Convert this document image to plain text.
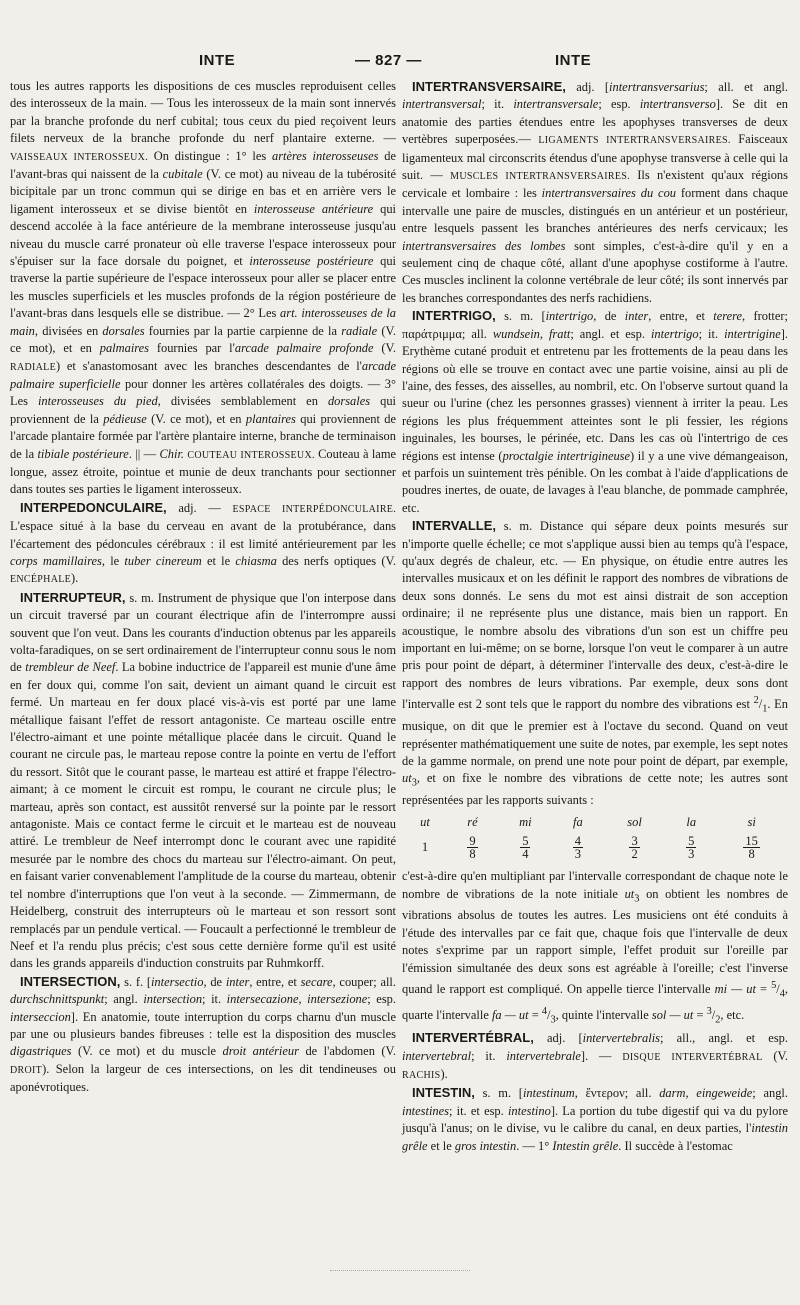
INTE	— 827 —	INTE

tous les autres rapports les dispositions de ces muscles reproduisent celles des interosseux de la main. — Tous les interosseux de la main sont innervés par la branche profonde du nerf cubital; tous ceux du pied reçoivent leurs filets nerveux de la branche profonde du nerf plantaire externe. — VAISSEAUX INTEROSSEUX. On distingue : 1° les artères interosseuses de l'avant-bras qui naissent de la cubitale (V. ce mot) au niveau de la tubérosité bicipitale par un tronc commun qui se dirige en bas et en arrière vers le ligament interosseux et se divise bientôt en interosseuse antérieure qui descend accolée à la face antérieure de la membrane interosseuse jusqu'au niveau du muscle carré pronateur où elle traverse l'espace interosseux pour s'épuiser sur la face dorsale du poignet, et interosseuse postérieure qui traverse la partie supérieure de l'espace interosseux pour aller se placer entre les muscles superficiels et les muscles profonds de la région postérieure de l'avant-bras dans lesquels elle se distribue. — 2° Les art. interosseuses de la main, divisées en dorsales fournies par la partie carpienne de la radiale (V. ce mot), et en palmaires fournies par l'arcade palmaire profonde (V. RADIALE) et s'anastomosant avec les branches descendantes de l'arcade palmaire superficielle pour donner les artères collatérales des doigts. — 3° Les interosseuses du pied, divisées semblablement en dorsales qui proviennent de la pédieuse (V. ce mot), et en plantaires qui proviennent de l'arcade plantaire formée par l'artère plantaire interne, branche de terminaison de la tibiale postérieure. || — Chir. COUTEAU INTEROSSEUX. Couteau à lame longue, assez étroite, pointue et munie de deux tranchants pour sectionner dans toutes ses parties le ligament interosseux.

INTERPEDONCULAIRE, adj. — ESPACE INTERPÉDONCULAIRE. L'espace situé à la base du cerveau en avant de la protubérance, dans l'écartement des pédoncules cérébraux : il est limité antérieurement par les corps mamillaires, le tuber cinereum et le chiasma des nerfs optiques (V. ENCÉPHALE).

INTERRUPTEUR, s. m. Instrument de physique que l'on interpose dans un circuit traversé par un courant électrique afin de l'interrompre aussi souvent que l'on veut. Dans les courants d'induction obtenus par les appareils volta-faradiques, on se sert ordinairement de l'interrupteur connu sous le nom de trembleur de Neef. La bobine inductrice de l'appareil est munie d'une âme en fer doux qui, comme l'on sait, devient un aimant quand le circuit est fermé. Un marteau en fer doux placé vis-à-vis est porté par une lame métallique faisant l'effet de ressort antagoniste. Ce marteau oscille entre l'électro-aimant et une pointe métallique placée dans le circuit. Quand le courant ne circule pas, le marteau repose contre la pointe en vertu de l'effort du ressort. Sitôt que le courant passe, le marteau est attiré et frappe l'électro-aimant; à ce moment le circuit est rompu, le courant ne circule plus; le marteau, après son contact, est aussitôt renversé sur la pointe par le ressort antagoniste. Mais ce contact ferme le circuit et le marteau est de nouveau attiré. Le trembleur de Neef interrompt donc le courant avec une rapidité mesurée par le nombre des chocs du marteau sur l'électro-aimant. On peut, en faisant varier convenablement l'amplitude de la course du marteau, obtenir tel nombre d'interruptions que l'on veut à la seconde. — Zimmermann, de Heidelberg, construit des interrupteurs où le marteau et son ressort sont remplacés par un pendule vertical. — Foucault a perfectionné le trembleur de Neef et l'a rendu plus précis; c'est sous cette dernière forme qu'il est usité dans les grands appareils d'induction construits par Ruhmkorff.

INTERSECTION, s. f. [intersectio, de inter, entre, et secare, couper; all. durchschnittspunkt; angl. intersection; it. intersecazione, intersezione; esp. interseccion]. En anatomie, toute interruption du corps charnu d'un muscle par une ou plusieurs bandes fibreuses : telle est la disposition des muscles digastriques (V. ce mot) et du muscle droit antérieur de l'abdomen (V. DROIT). Selon la largeur de ces intersections, on les dit tendineuses ou aponévrotiques.

INTERTRANSVERSAIRE, adj. [intertransversarius; all. et angl. intertransversal; it. intertransversale; esp. intertransverso]. Se dit en anatomie des parties étendues entre les apophyses transverses de deux vertèbres superposées.— LIGAMENTS INTERTRANSVERSAIRES. Faisceaux ligamenteux mal circonscrits étendus d'une apophyse transverse à celle qui la suit. — MUSCLES INTERTRANSVERSAIRES. Ils n'existent qu'aux régions cervicale et lombaire : les intertransversaires du cou forment dans chaque intervalle une paire de muscles, distingués en un antérieur et un postérieur, entre lesquels passent les branches antérieures des nerfs cervicaux; les intertransversaires des lombes sont simples, c'est-à-dire qu'il y en a seulement cinq de chaque côté, allant d'une apophyse costiforme à l'autre. Ces muscles inclinent la colonne vertébrale de leur côté; ils sont innervés par les branches correspondantes des nerfs rachidiens.

INTERTRIGO, s. m. [intertrigo, de inter, entre, et terere, frotter; παράτριμμα; all. wundsein, fratt; angl. et esp. intertrigo; it. intertrigine]. Erythème cutané produit et entretenu par les frottements de la peau dans les régions où elle se trouve en contact avec une partie voisine, ainsi au pli de l'aine, des fesses, des aisselles, au nombril, etc. On l'observe surtout quand la sueur ou l'urine (chez les personnes grasses) viennent à irriter la peau. Les régions les plus fréquemment atteintes sont le pli fessier, les régions inguinales, les bourses, le périnée, etc. Dans les cas où l'intertrigo de ces régions est intense (proctalgie intertrigineuse) il y a une vive démangeaison, et parfois un suintement très pénible. On les combat à l'aide d'applications de poudres inertes, de ouate, de lavages à l'eau blanche, de pommade camphrée, etc.

INTERVALLE, s. m. Distance qui sépare deux points mesurés sur n'importe quelle échelle; ce mot s'applique aussi bien au temps qu'à l'espace, qu'aux degrés de chaleur, etc. — En physique, on étudie entre autres les intervalles musicaux et on les définit le rapport des nombres de vibrations de deux sons donnés. Le sens du mot est ainsi distrait de son acception ordinaire; il ne représente plus une distance, mais bien un rapport. En acoustique, le nombre absolu des vibrations d'un son est un chiffre peu important en lui-même; on se borne, lorsque l'on veut le comparer à un autre pris pour point de départ, à déterminer l'intervalle des deux, c'est-à-dire le rapport des nombres de leurs vibrations. Par exemple, deux sons dont l'intervalle est 2 sont tels que le rapport du nombre des vibrations est $^2/_1$. En musique, on dit que le premier est à l'octave du second. Quand on veut représenter mathématiquement une suite de notes, par exemple, les sept notes de la gamme normale, on prend une note pour point de départ, par exemple, $ut_3$, et on fixe le nombre des vibrations de cette note; les autres sont représentées par les rapports suivants :

ut	ré	mi	fa	sol	la	si
1	$\frac{9}{8}$	$\frac{5}{4}$	$\frac{4}{3}$	$\frac{3}{2}$	$\frac{5}{3}$	$\frac{15}{8}$

c'est-à-dire qu'en multipliant par l'intervalle correspondant de chaque note le nombre de vibrations de la note initiale $ut_3$ on obtient les nombres de vibrations absolus de toutes les autres. Les musiciens ont été conduits à l'étude des intervalles par ce fait que, chaque fois que l'intervalle de deux notes s'exprime par un rapport simple, l'effet produit sur l'oreille par l'émission simultanée des deux sons est agréable à l'oreille; c'est l'inverse quand le rapport est compliqué. On appelle tierce l'intervalle mi — ut = $^5/_4$, quarte l'intervalle fa — ut = $^4/_3$, quinte l'intervalle sol — ut = $^3/_2$, etc.

INTERVERTÉBRAL, adj. [intervertebralis; all., angl. et esp. intervertebral; it. intervertebrale]. — DISQUE INTERVERTÉBRAL (V. RACHIS).

INTESTIN, s. m. [intestinum, ἔντερον; all. darm, eingeweide; angl. intestines; it. et esp. intestino]. La portion du tube digestif qui va du pylore jusqu'à l'anus; on le divise, vu le calibre du canal, en deux parties, l'intestin grêle et le gros intestin. — 1° Intestin grêle. Il succède à l'estomac
